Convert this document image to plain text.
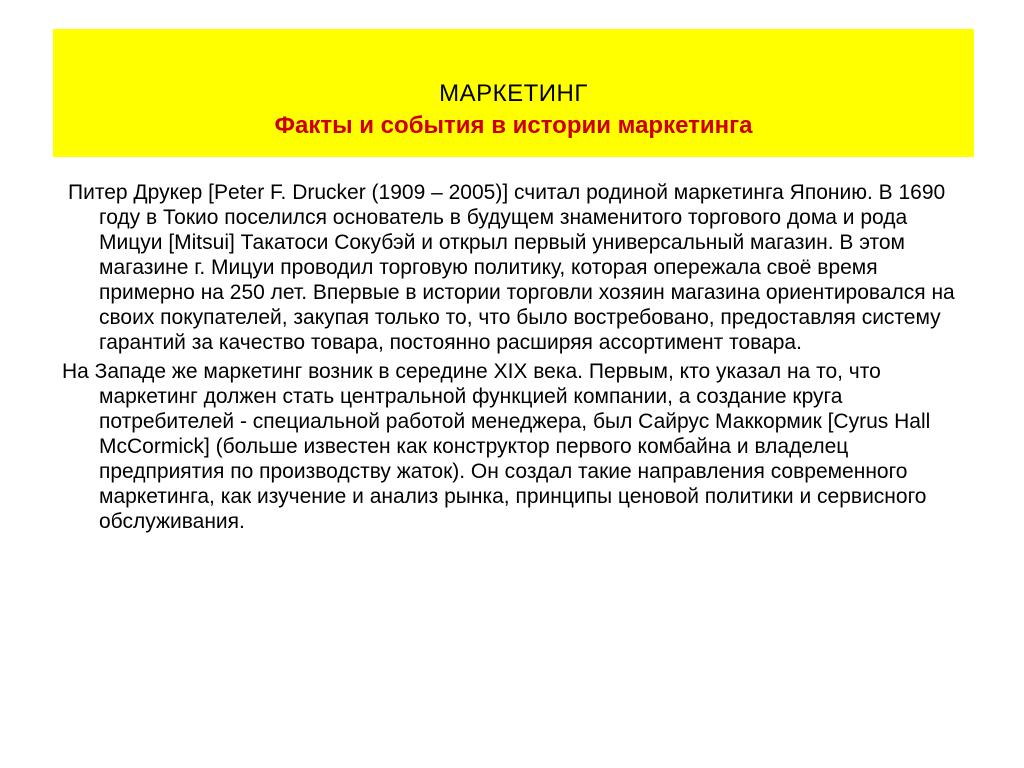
МАРКЕТИНГ
Факты и события в истории маркетинга

Питер Друкер [Peter F. Drucker (1909 – 2005)] считал родиной маркетинга Японию. В 1690 году в Токио поселился основатель в будущем знаменитого торгового дома и рода Мицуи [Mitsui] Такатоси Сокубэй и открыл первый универсальный магазин. В этом магазине г. Мицуи проводил торговую политику, которая опережала своё время примерно на 250 лет. Впервые в истории торговли хозяин магазина ориентировался на своих покупателей, закупая только то, что было востребовано, предоставляя систему гарантий за качество товара, постоянно расширяя ассортимент товара.

На Западе же маркетинг возник в середине XIX века. Первым, кто указал на то, что маркетинг должен стать центральной функцией компании, а создание круга потребителей - специальной работой менеджера, был Сайрус Маккормик [Cyrus Hall McCormick] (больше известен как конструктор первого комбайна и владелец предприятия по производству жаток). Он создал такие направления современного маркетинга, как изучение и анализ рынка, принципы ценовой политики и сервисного обслуживания.
